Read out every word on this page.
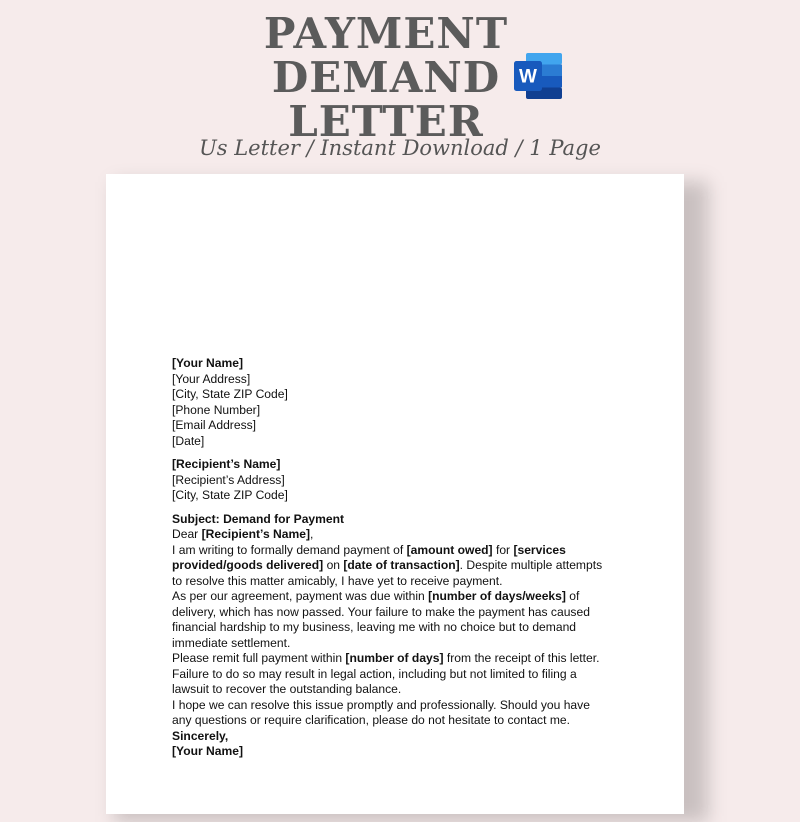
PAYMENT
DEMAND
LETTER
W
Us Letter / Instant Download / 1 Page

[Your Name]

[Your Address]

[City, State ZIP Code]

[Phone Number]

[Email Address]

[Date]

[Recipient’s Name]

[Recipient’s Address]

[City, State ZIP Code]

Subject: Demand for Payment

Dear [Recipient’s Name],

I am writing to formally demand payment of [amount owed] for [services provided/goods delivered] on [date of transaction]. Despite multiple attempts to resolve this matter amicably, I have yet to receive payment.

As per our agreement, payment was due within [number of days/weeks] of delivery, which has now passed. Your failure to make the payment has caused financial hardship to my business, leaving me with no choice but to demand immediate settlement.

Please remit full payment within [number of days] from the receipt of this letter. Failure to do so may result in legal action, including but not limited to filing a lawsuit to recover the outstanding balance.

I hope we can resolve this issue promptly and professionally. Should you have any questions or require clarification, please do not hesitate to contact me.

Sincerely,

[Your Name]
